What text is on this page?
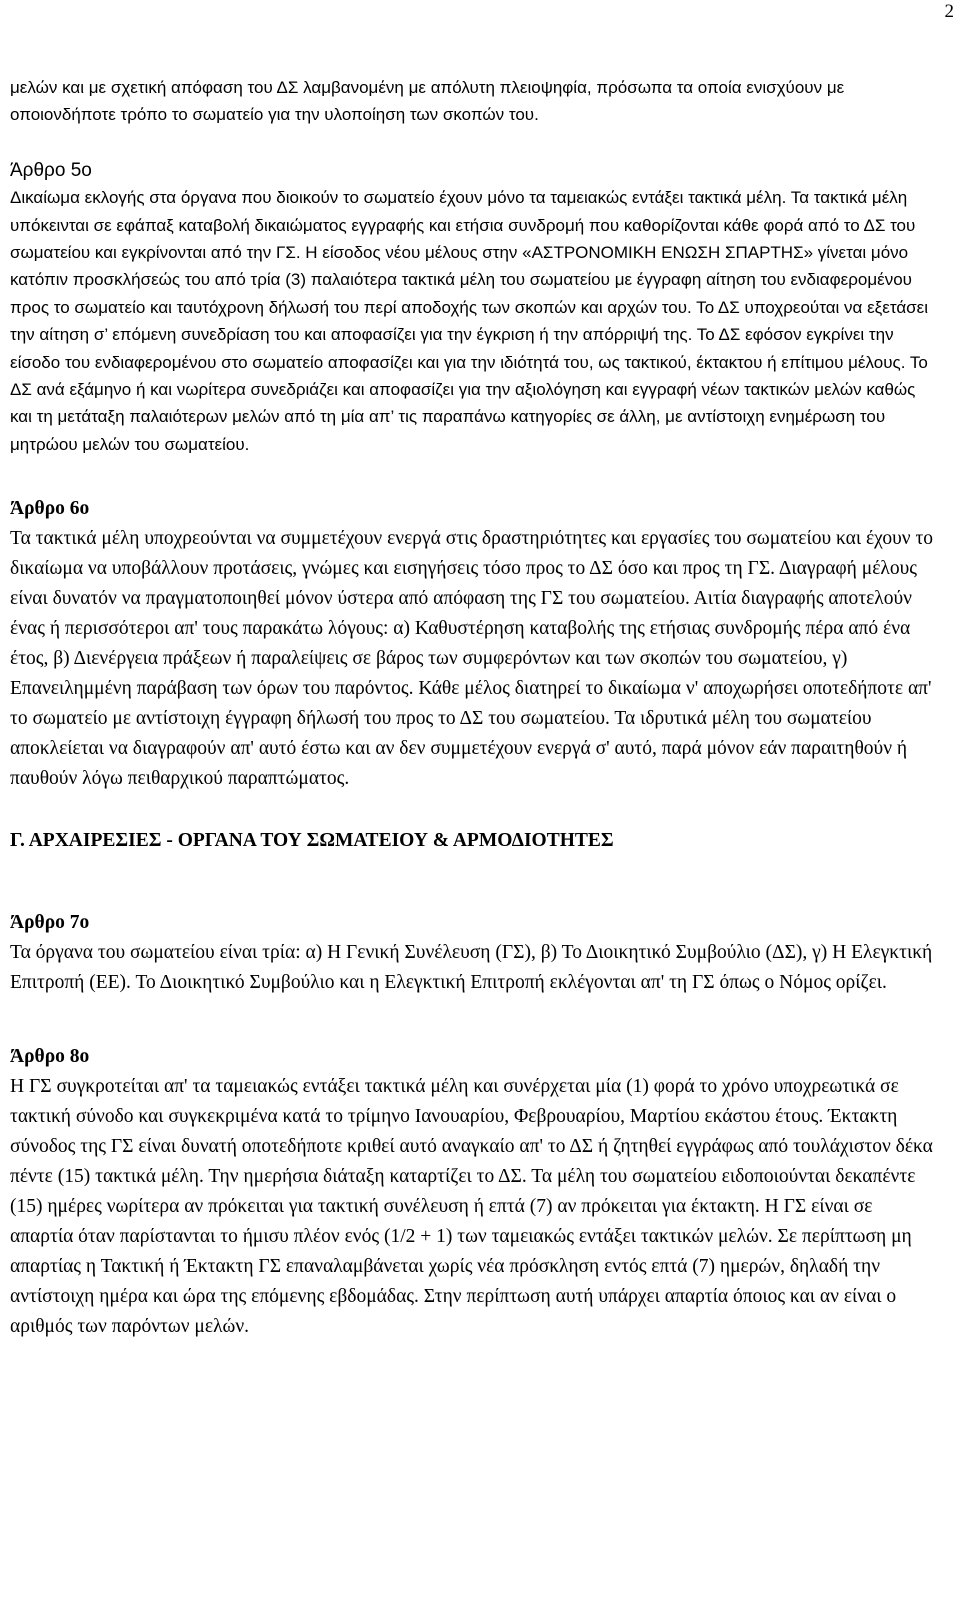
2

μελών και με σχετική απόφαση του ΔΣ λαμβανομένη με απόλυτη πλειοψηφία, πρόσωπα τα οποία ενισχύουν με οποιονδήποτε τρόπο το σωματείο για την υλοποίηση των σκοπών του.

Άρθρο 5ο

Δικαίωμα εκλογής στα όργανα που διοικούν το σωματείο έχουν μόνο τα ταμειακώς εντάξει τακτικά μέλη. Τα τακτικά μέλη υπόκεινται σε εφάπαξ καταβολή δικαιώματος εγγραφής και ετήσια συνδρομή που καθορίζονται κάθε φορά από το ΔΣ του σωματείου και εγκρίνονται από την ΓΣ. Η είσοδος νέου μέλους στην «ΑΣΤΡΟΝΟΜΙΚΗ ΕΝΩΣΗ ΣΠΑΡΤΗΣ» γίνεται μόνο κατόπιν προσκλήσεώς του από τρία (3) παλαιότερα τακτικά μέλη του σωματείου με έγγραφη αίτηση του ενδιαφερομένου προς το σωματείο και ταυτόχρονη δήλωσή του περί αποδοχής των σκοπών και αρχών του. Το ΔΣ υποχρεούται να εξετάσει την αίτηση σ’ επόμενη συνεδρίαση του και αποφασίζει για την έγκριση ή την απόρριψή της. Το ΔΣ εφόσον εγκρίνει την είσοδο του ενδιαφερομένου στο σωματείο αποφασίζει και για την ιδιότητά του, ως τακτικού, έκτακτου ή επίτιμου μέλους. Το ΔΣ ανά εξάμηνο ή και νωρίτερα συνεδριάζει και αποφασίζει για την αξιολόγηση και εγγραφή νέων τακτικών μελών καθώς και τη μετάταξη παλαιότερων μελών από τη μία απ’ τις παραπάνω κατηγορίες σε άλλη, με αντίστοιχη ενημέρωση του μητρώου μελών του σωματείου.

Άρθρο 6ο

Τα τακτικά μέλη υποχρεούνται να συμμετέχουν ενεργά στις δραστηριότητες και εργασίες του σωματείου και έχουν το δικαίωμα να υποβάλλουν προτάσεις, γνώμες και εισηγήσεις τόσο προς το ΔΣ όσο και προς τη ΓΣ. Διαγραφή μέλους είναι δυνατόν να πραγματοποιηθεί μόνον ύστερα από απόφαση της ΓΣ του σωματείου. Αιτία διαγραφής αποτελούν ένας ή περισσότεροι απ' τους παρακάτω λόγους: α) Καθυστέρηση καταβολής της ετήσιας συνδρομής πέρα από ένα έτος, β) Διενέργεια πράξεων ή παραλείψεις σε βάρος των συμφερόντων και των σκοπών του σωματείου, γ) Επανειλημμένη παράβαση των όρων του παρόντος. Κάθε μέλος διατηρεί το δικαίωμα ν' αποχωρήσει οποτεδήποτε απ' το σωματείο με αντίστοιχη έγγραφη δήλωσή του προς το ΔΣ του σωματείου. Τα ιδρυτικά μέλη του σωματείου αποκλείεται να διαγραφούν απ' αυτό έστω και αν δεν συμμετέχουν ενεργά σ' αυτό, παρά μόνον εάν παραιτηθούν ή παυθούν λόγω πειθαρχικού παραπτώματος.

Γ. ΑΡΧΑΙΡΕΣΙΕΣ - ΟΡΓΑΝΑ ΤΟΥ ΣΩΜΑΤΕΙΟΥ & ΑΡΜΟΔΙΟΤΗΤΕΣ
Άρθρο 7ο

Τα όργανα του σωματείου είναι τρία: α) Η Γενική Συνέλευση (ΓΣ), β) Το Διοικητικό Συμβούλιο (ΔΣ), γ) Η Ελεγκτική Επιτροπή (ΕΕ). Το Διοικητικό Συμβούλιο και η Ελεγκτική Επιτροπή εκλέγονται απ' τη ΓΣ όπως ο Νόμος ορίζει.

Άρθρο 8ο

Η ΓΣ συγκροτείται απ' τα ταμειακώς εντάξει τακτικά μέλη και συνέρχεται μία (1) φορά το χρόνο υποχρεωτικά σε τακτική σύνοδο και συγκεκριμένα κατά το τρίμηνο Ιανουαρίου, Φεβρουαρίου, Μαρτίου εκάστου έτους. Έκτακτη σύνοδος της ΓΣ είναι δυνατή οποτεδήποτε κριθεί αυτό αναγκαίο απ' το ΔΣ ή ζητηθεί εγγράφως από τουλάχιστον δέκα πέντε (15) τακτικά μέλη. Την ημερήσια διάταξη καταρτίζει το ΔΣ. Τα μέλη του σωματείου ειδοποιούνται δεκαπέντε (15) ημέρες νωρίτερα αν πρόκειται για τακτική συνέλευση ή επτά (7) αν πρόκειται για έκτακτη. Η ΓΣ είναι σε απαρτία όταν παρίστανται το ήμισυ πλέον ενός (1/2 + 1) των ταμειακώς εντάξει τακτικών μελών. Σε περίπτωση μη απαρτίας η Τακτική ή Έκτακτη ΓΣ επαναλαμβάνεται χωρίς νέα πρόσκληση εντός επτά (7) ημερών, δηλαδή την αντίστοιχη ημέρα και ώρα της επόμενης εβδομάδας. Στην περίπτωση αυτή υπάρχει απαρτία όποιος και αν είναι ο αριθμός των παρόντων μελών.
